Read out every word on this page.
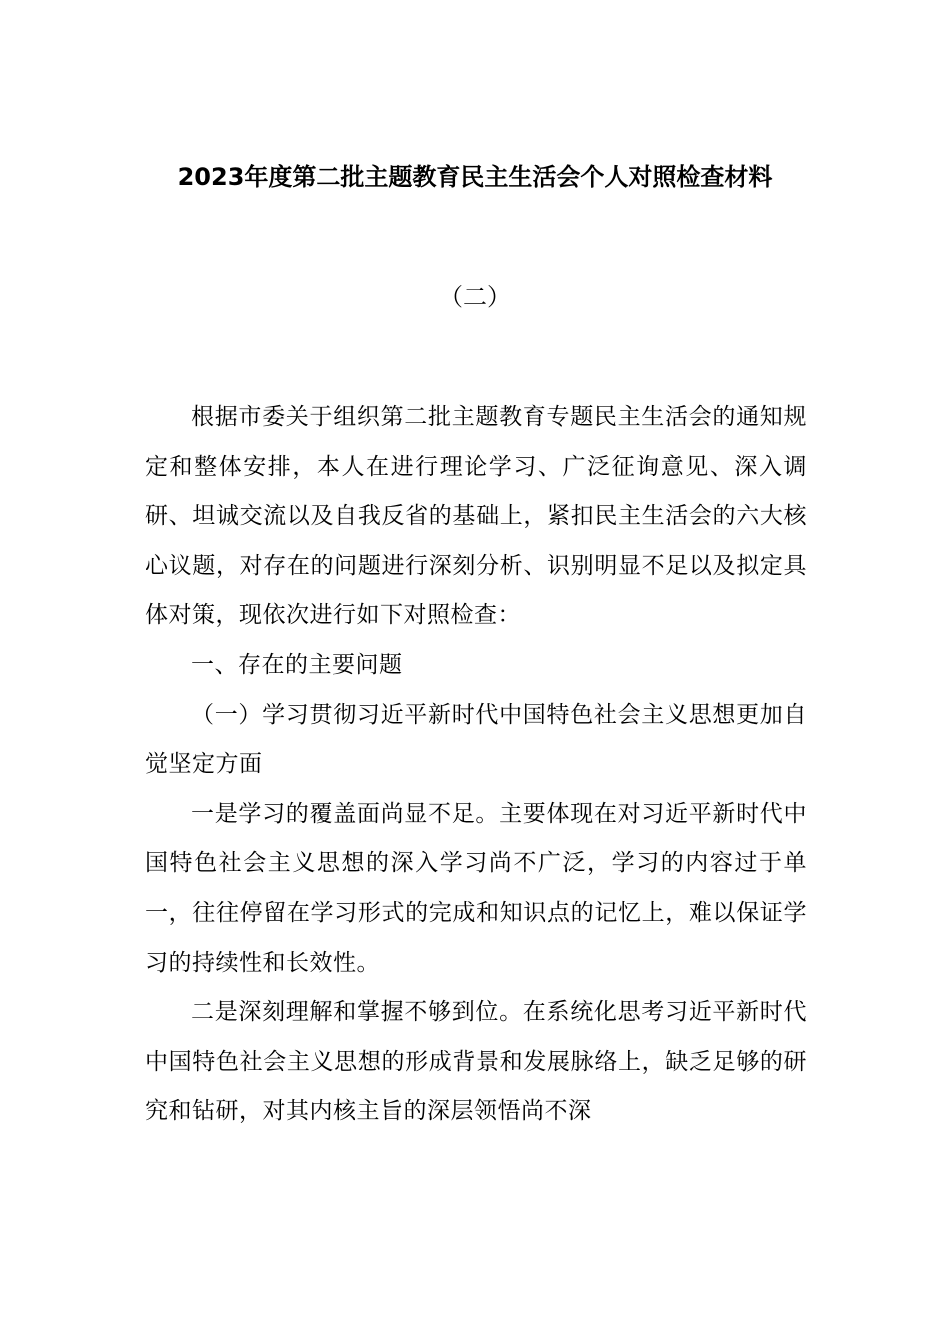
2023年度第二批主题教育民主生活会个人对照检查材料
（二）

根据市委关于组织第二批主题教育专题民主生活会的通知规定和整体安排，本人在进行理论学习、广泛征询意见、深入调研、坦诚交流以及自我反省的基础上，紧扣民主生活会的六大核心议题，对存在的问题进行深刻分析、识别明显不足以及拟定具体对策，现依次进行如下对照检查：

一、存在的主要问题

（一）学习贯彻习近平新时代中国特色社会主义思想更加自觉坚定方面

一是学习的覆盖面尚显不足。主要体现在对习近平新时代中国特色社会主义思想的深入学习尚不广泛，学习的内容过于单一，往往停留在学习形式的完成和知识点的记忆上，难以保证学习的持续性和长效性。

二是深刻理解和掌握不够到位。在系统化思考习近平新时代中国特色社会主义思想的形成背景和发展脉络上，缺乏足够的研究和钻研，对其内核主旨的深层领悟尚不深
